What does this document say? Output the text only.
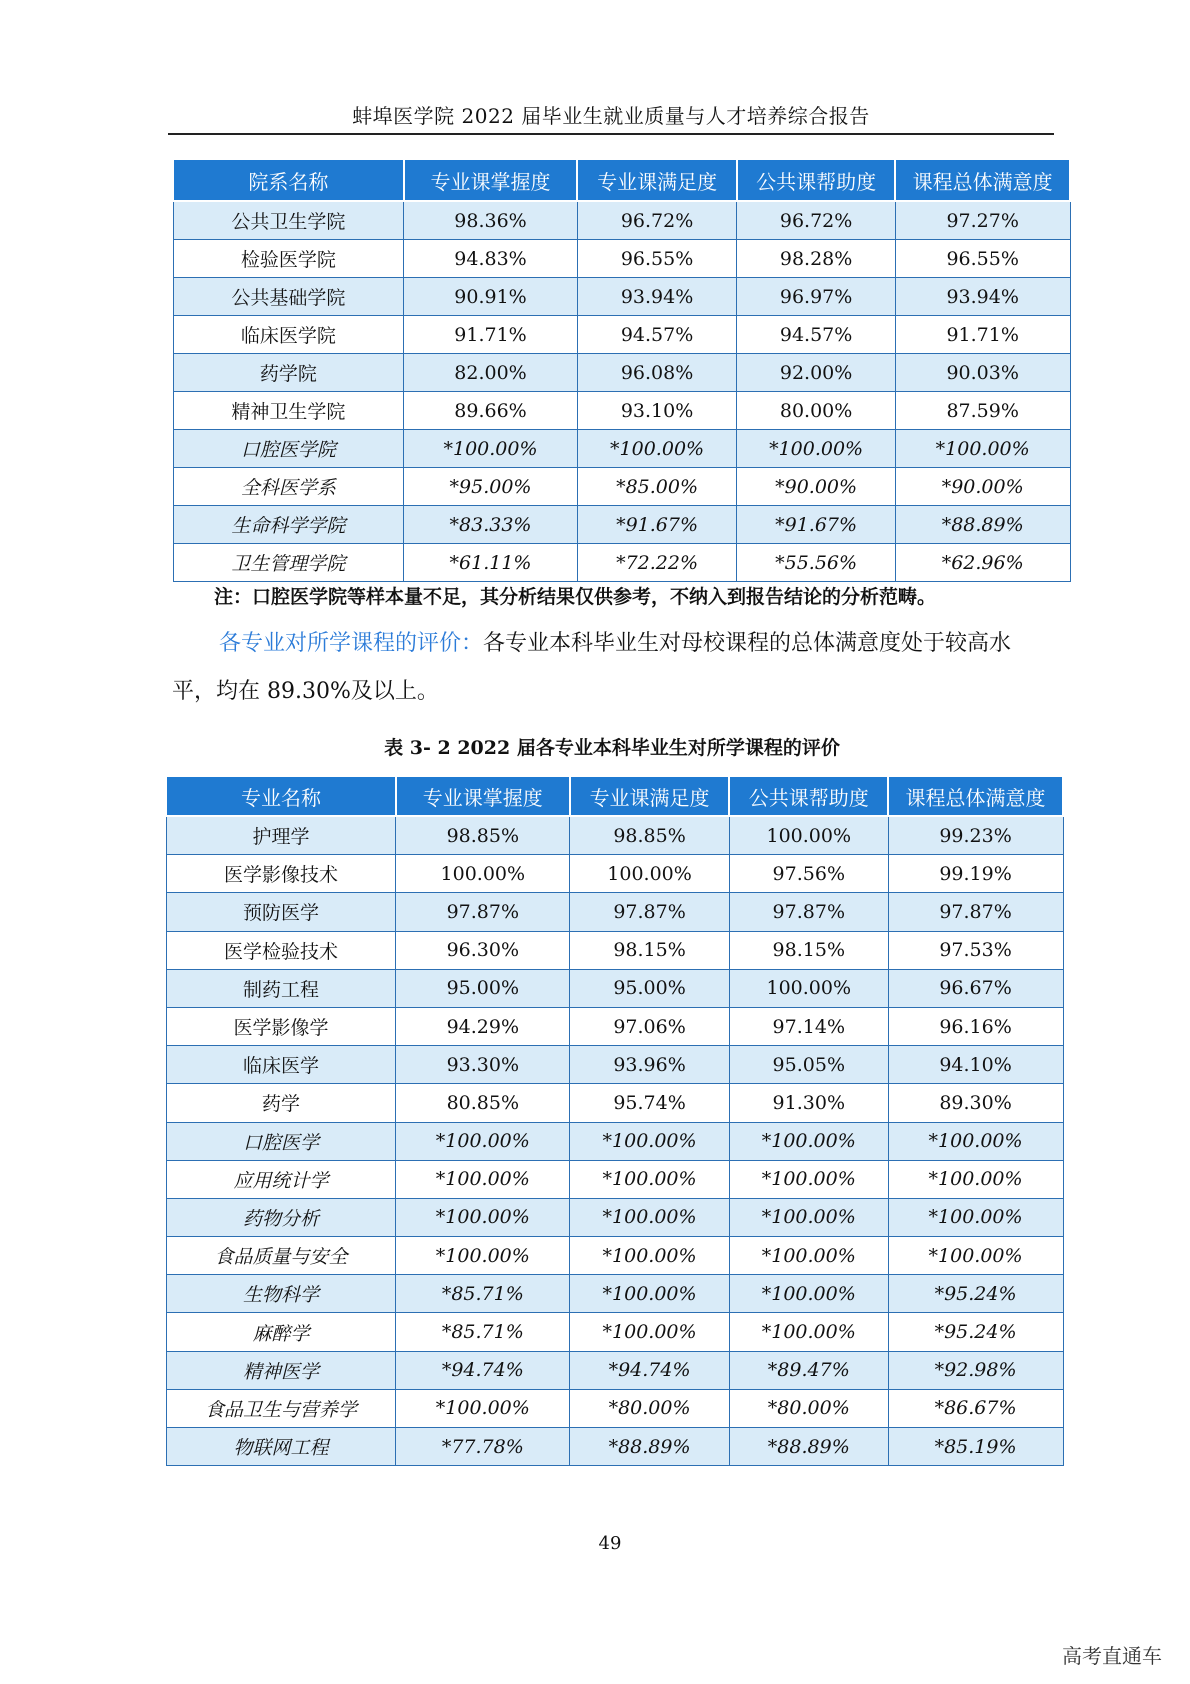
蚌埠医学院 2022 届毕业生就业质量与人才培养综合报告
院系名称	专业课掌握度	专业课满足度	公共课帮助度	课程总体满意度
公共卫生学院	98.36%	96.72%	96.72%	97.27%
检验医学院	94.83%	96.55%	98.28%	96.55%
公共基础学院	90.91%	93.94%	96.97%	93.94%
临床医学院	91.71%	94.57%	94.57%	91.71%
药学院	82.00%	96.08%	92.00%	90.03%
精神卫生学院	89.66%	93.10%	80.00%	87.59%
口腔医学院	*100.00%	*100.00%	*100.00%	*100.00%
全科医学系	*95.00%	*85.00%	*90.00%	*90.00%
生命科学学院	*83.33%	*91.67%	*91.67%	*88.89%
卫生管理学院	*61.11%	*72.22%	*55.56%	*62.96%
注：口腔医学院等样本量不足，其分析结果仅供参考，不纳入到报告结论的分析范畴。
各专业对所学课程的评价：各专业本科毕业生对母校课程的总体满意度处于较高水平，均在 89.30%及以上。
表 3- 2 2022 届各专业本科毕业生对所学课程的评价
专业名称	专业课掌握度	专业课满足度	公共课帮助度	课程总体满意度
护理学	98.85%	98.85%	100.00%	99.23%
医学影像技术	100.00%	100.00%	97.56%	99.19%
预防医学	97.87%	97.87%	97.87%	97.87%
医学检验技术	96.30%	98.15%	98.15%	97.53%
制药工程	95.00%	95.00%	100.00%	96.67%
医学影像学	94.29%	97.06%	97.14%	96.16%
临床医学	93.30%	93.96%	95.05%	94.10%
药学	80.85%	95.74%	91.30%	89.30%
口腔医学	*100.00%	*100.00%	*100.00%	*100.00%
应用统计学	*100.00%	*100.00%	*100.00%	*100.00%
药物分析	*100.00%	*100.00%	*100.00%	*100.00%
食品质量与安全	*100.00%	*100.00%	*100.00%	*100.00%
生物科学	*85.71%	*100.00%	*100.00%	*95.24%
麻醉学	*85.71%	*100.00%	*100.00%	*95.24%
精神医学	*94.74%	*94.74%	*89.47%	*92.98%
食品卫生与营养学	*100.00%	*80.00%	*80.00%	*86.67%
物联网工程	*77.78%	*88.89%	*88.89%	*85.19%
49
高考直通车
